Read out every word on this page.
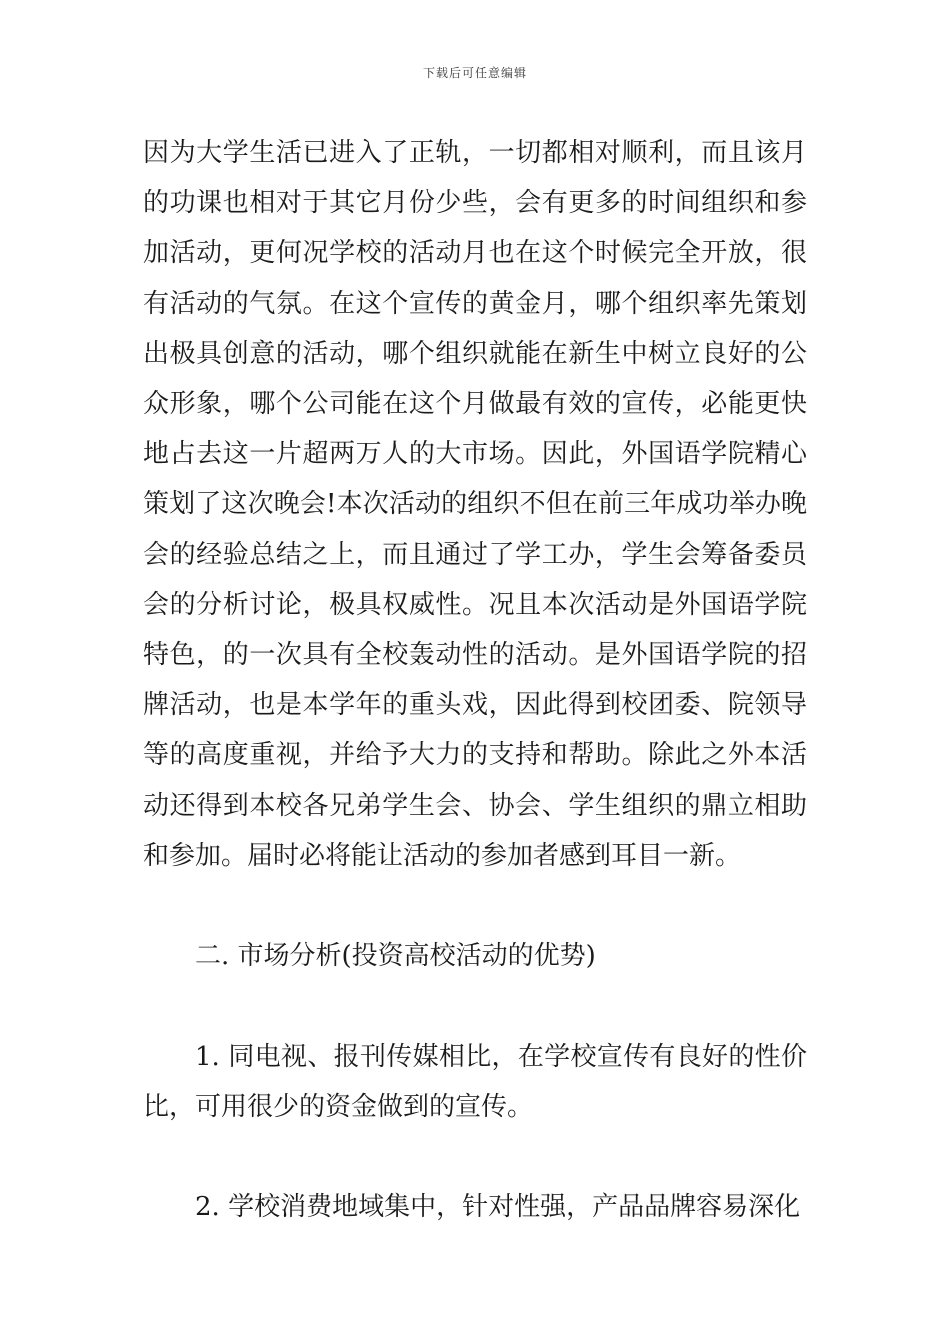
下载后可任意编辑

因为大学生活已进入了正轨，一切都相对顺利，而且该月的功课也相对于其它月份少些，会有更多的时间组织和参加活动，更何况学校的活动月也在这个时候完全开放，很有活动的气氛。在这个宣传的黄金月，哪个组织率先策划出极具创意的活动，哪个组织就能在新生中树立良好的公众形象，哪个公司能在这个月做最有效的宣传，必能更快地占去这一片超两万人的大市场。因此，外国语学院精心策划了这次晚会!本次活动的组织不但在前三年成功举办晚会的经验总结之上，而且通过了学工办，学生会筹备委员会的分析讨论，极具权威性。况且本次活动是外国语学院特色，的一次具有全校轰动性的活动。是外国语学院的招牌活动，也是本学年的重头戏，因此得到校团委、院领导等的高度重视，并给予大力的支持和帮助。除此之外本活动还得到本校各兄弟学生会、协会、学生组织的鼎立相助和参加。届时必将能让活动的参加者感到耳目一新。

二. 市场分析(投资高校活动的优势)

1. 同电视、报刊传媒相比，在学校宣传有良好的性价比，可用很少的资金做到的宣传。

2. 学校消费地域集中，针对性强，产品品牌容易深化
